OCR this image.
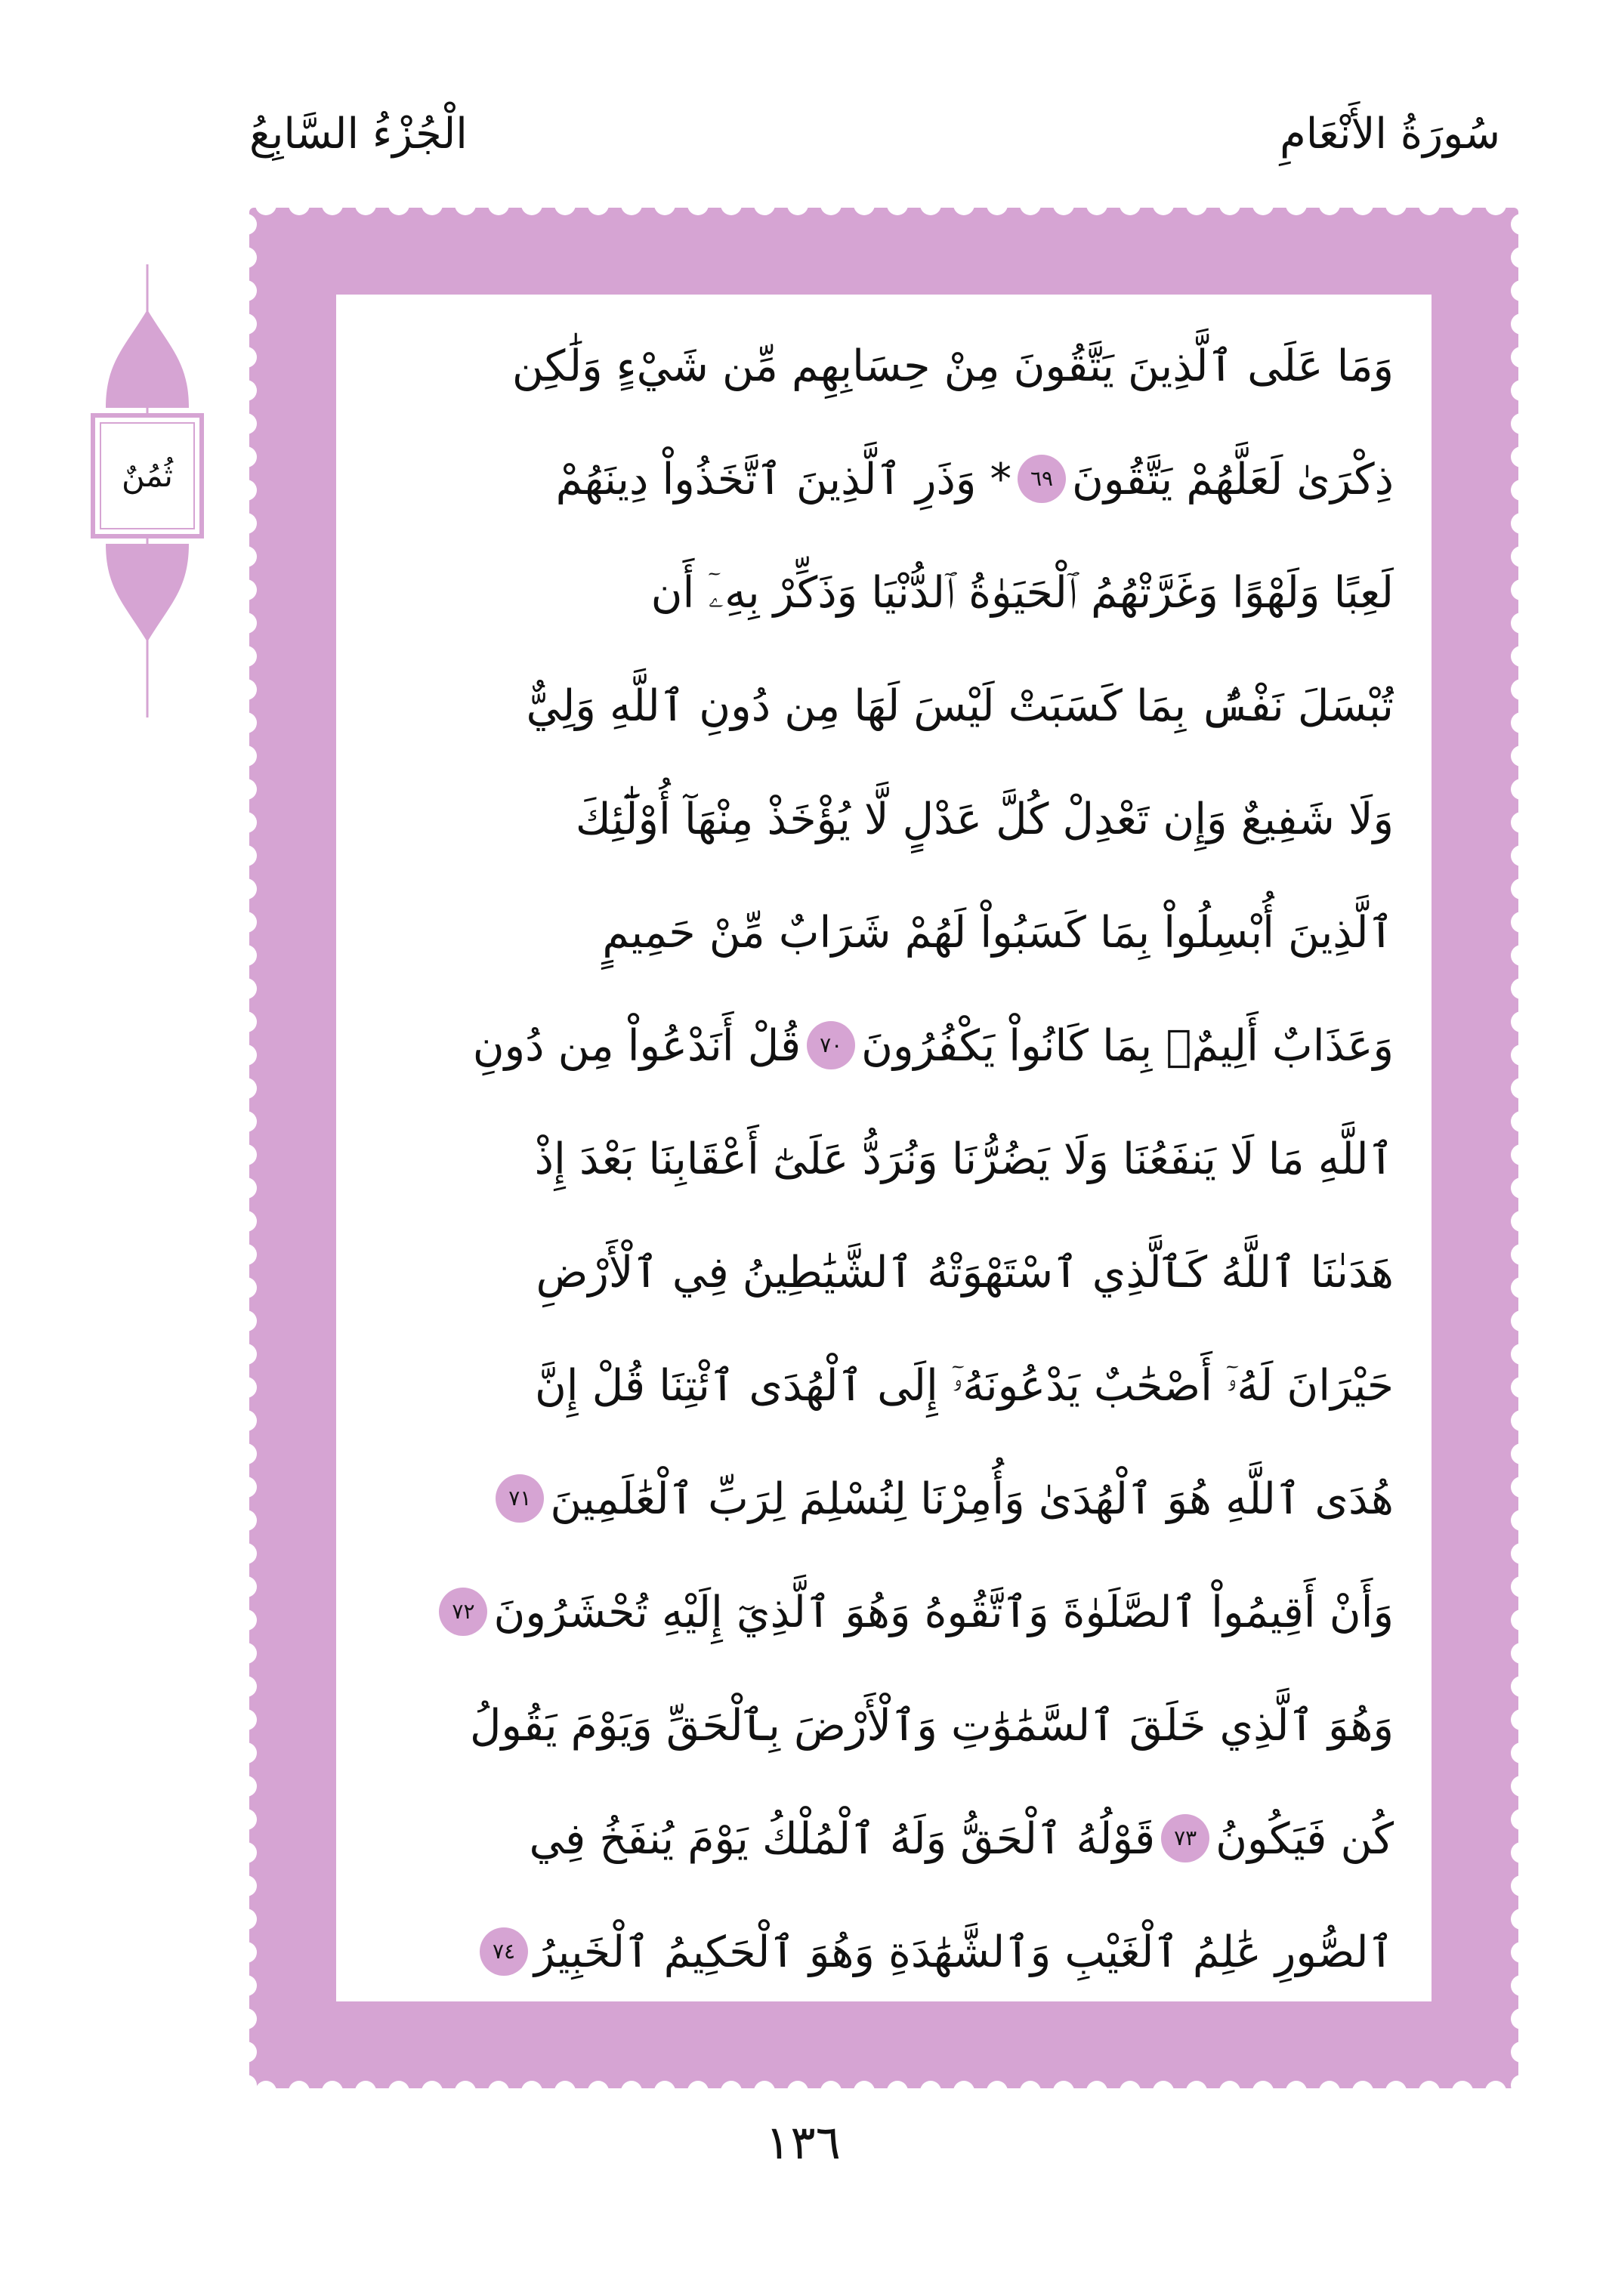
سُورَةُ الأَنْعَامِ
الْجُزْءُ السَّابِعُ
ثُمُنٌ
وَمَا عَلَى ٱلَّذِينَ يَتَّقُونَ مِنْ حِسَابِهِم مِّن شَيْءٍ وَلَٰكِن
ذِكْرَىٰ لَعَلَّهُمْ يَتَّقُونَ٦٩* وَذَرِ ٱلَّذِينَ ٱتَّخَذُواْ دِينَهُمْ
لَعِبًا وَلَهْوًا وَغَرَّتْهُمُ ٱلْحَيَوٰةُ ٱلدُّنْيَا وَذَكِّرْ بِهِۦٓ أَن
تُبْسَلَ نَفْسٌۢ بِمَا كَسَبَتْ لَيْسَ لَهَا مِن دُونِ ٱللَّهِ وَلِيٌّ
وَلَا شَفِيعٌ وَإِن تَعْدِلْ كُلَّ عَدْلٍ لَّا يُؤْخَذْ مِنْهَآ أُوْلَٰٓئِكَ
ٱلَّذِينَ أُبْسِلُواْ بِمَا كَسَبُواْ لَهُمْ شَرَابٌ مِّنْ حَمِيمٍ
وَعَذَابٌ أَلِيمٌۢ بِمَا كَانُواْ يَكْفُرُونَ٧٠قُلْ أَنَدْعُواْ مِن دُونِ
ٱللَّهِ مَا لَا يَنفَعُنَا وَلَا يَضُرُّنَا وَنُرَدُّ عَلَىٰٓ أَعْقَابِنَا بَعْدَ إِذْ
هَدَىٰنَا ٱللَّهُ كَٱلَّذِي ٱسْتَهْوَتْهُ ٱلشَّيَٰطِينُ فِي ٱلْأَرْضِ
حَيْرَانَ لَهُۥٓ أَصْحَٰبٌ يَدْعُونَهُۥٓ إِلَى ٱلْهُدَى ٱئْتِنَا قُلْ إِنَّ
هُدَى ٱللَّهِ هُوَ ٱلْهُدَىٰ وَأُمِرْنَا لِنُسْلِمَ لِرَبِّ ٱلْعَٰلَمِينَ٧١
وَأَنْ أَقِيمُواْ ٱلصَّلَوٰةَ وَٱتَّقُوهُ وَهُوَ ٱلَّذِيٓ إِلَيْهِ تُحْشَرُونَ٧٢
وَهُوَ ٱلَّذِي خَلَقَ ٱلسَّمَٰوَٰتِ وَٱلْأَرْضَ بِٱلْحَقِّ وَيَوْمَ يَقُولُ
كُن فَيَكُونُ٧٣قَوْلُهُ ٱلْحَقُّ وَلَهُ ٱلْمُلْكُ يَوْمَ يُنفَخُ فِي
ٱلصُّورِ عَٰلِمُ ٱلْغَيْبِ وَٱلشَّهَٰدَةِ وَهُوَ ٱلْحَكِيمُ ٱلْخَبِيرُ٧٤
١٣٦
